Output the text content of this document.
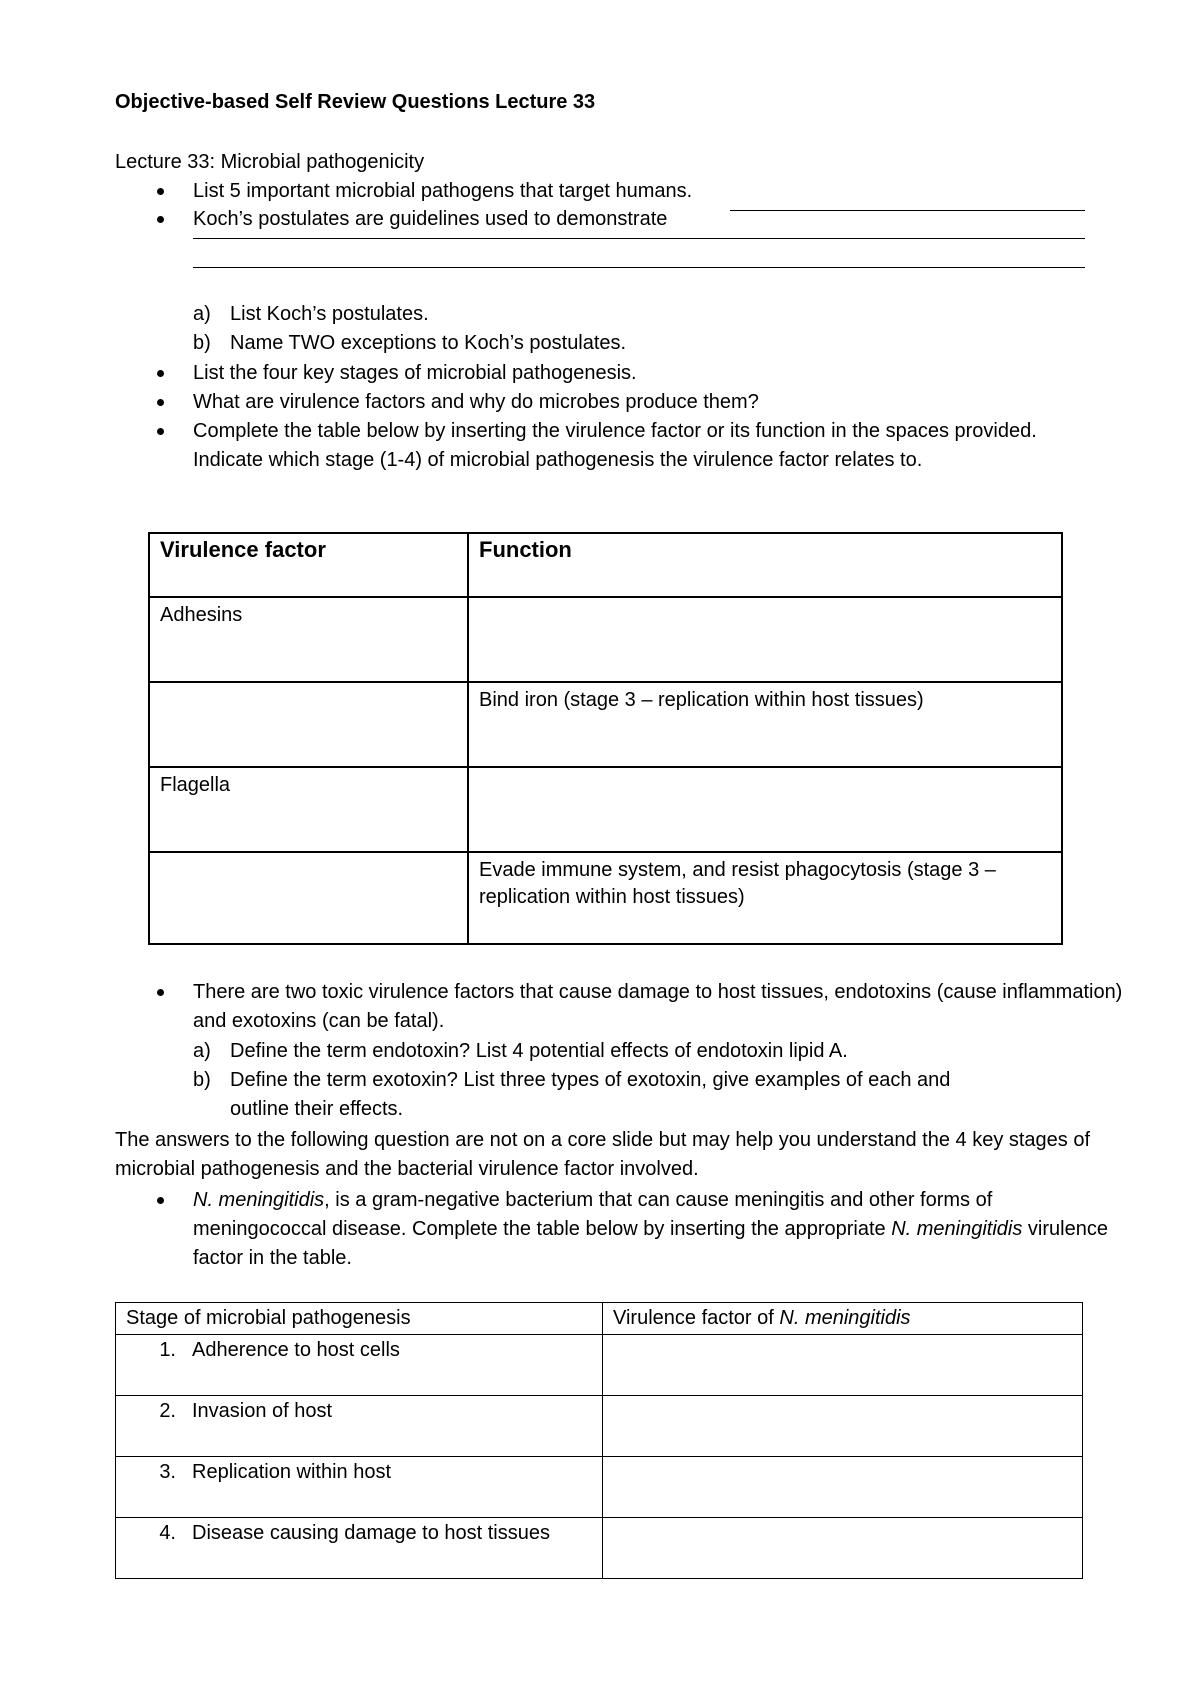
Objective-based Self Review Questions Lecture 33
Lecture 33: Microbial pathogenicity
List 5 important microbial pathogens that target humans.
Koch’s postulates are guidelines used to demonstrate
a) List Koch’s postulates.
b) Name TWO exceptions to Koch’s postulates.
List the four key stages of microbial pathogenesis.
What are virulence factors and why do microbes produce them?
Complete the table below by inserting the virulence factor or its function in the spaces provided. Indicate which stage (1-4) of microbial pathogenesis the virulence factor relates to.
Virulence factor	Function
Adhesins	
	Bind iron (stage 3 – replication within host tissues)
Flagella	
	Evade immune system, and resist phagocytosis (stage 3 – replication within host tissues)
There are two toxic virulence factors that cause damage to host tissues, endotoxins (cause inflammation) and exotoxins (can be fatal).
a) Define the term endotoxin? List 4 potential effects of endotoxin lipid A.
b) Define the term exotoxin? List three types of exotoxin, give examples of each and
outline their effects.
The answers to the following question are not on a core slide but may help you understand the 4 key stages of microbial pathogenesis and the bacterial virulence factor involved.
N. meningitidis, is a gram-negative bacterium that can cause meningitis and other forms of meningococcal disease. Complete the table below by inserting the appropriate N. meningitidis virulence factor in the table.
Stage of microbial pathogenesis	Virulence factor of N. meningitidis
1. Adherence to host cells	
2. Invasion of host	
3. Replication within host	
4. Disease causing damage to host tissues	
